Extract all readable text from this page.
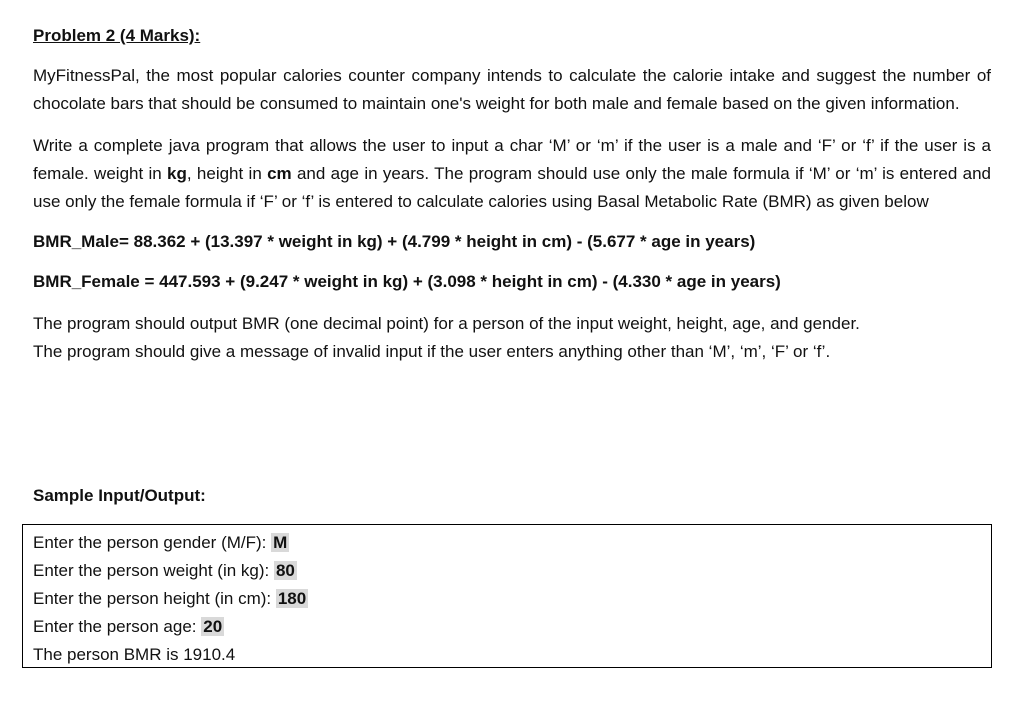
Problem 2 (4 Marks):
MyFitnessPal, the most popular calories counter company intends to calculate the calorie intake and suggest the number of chocolate bars that should be consumed to maintain one's weight for both male and female based on the given information.
Write a complete java program that allows the user to input a char ‘M’ or ‘m’ if the user is a male and ‘F’ or ‘f’ if the user is a female. weight in kg, height in cm and age in years. The program should use only the male formula if ‘M’ or ‘m’ is entered and use only the female formula if ‘F’ or ‘f’ is entered to calculate calories using Basal Metabolic Rate (BMR) as given below
BMR_Male= 88.362 + (13.397 * weight in kg) + (4.799 * height in cm) - (5.677 * age in years)
BMR_Female = 447.593 + (9.247 * weight in kg) + (3.098 * height in cm) - (4.330 * age in years)
The program should output BMR (one decimal point) for a person of the input weight, height, age, and gender.
The program should give a message of invalid input if the user enters anything other than ‘M’, ‘m’, ‘F’ or ‘f’.
Sample Input/Output:
Enter the person gender (M/F): M
Enter the person weight (in kg): 80
Enter the person height (in cm): 180
Enter the person age: 20
The person BMR is 1910.4
